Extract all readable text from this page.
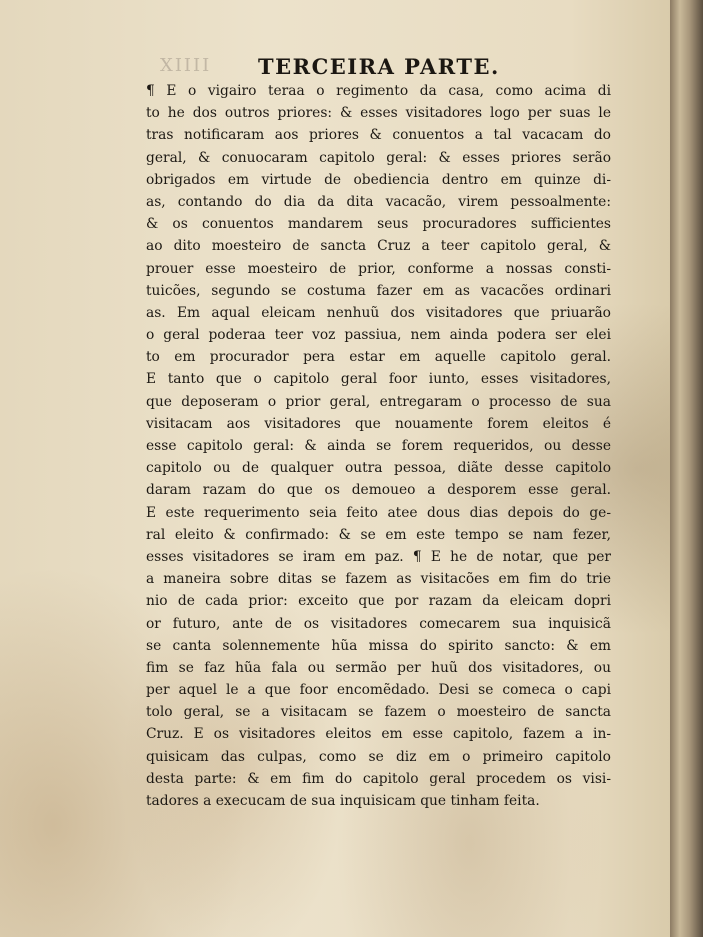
XIIII TERCEIRA PARTE.
¶ E o vigairo teraa o regimento da casa, como acima di
to he dos outros priores: & esses visitadores logo per suas le
tras notificaram aos priores & conuentos a tal vacacam do
geral, & conuocaram capitolo geral: & esses priores serão
obrigados em virtude de obediencia dentro em quinze di-
as, contando do dia da dita vacacão, virem pessoalmente:
& os conuentos mandarem seus procuradores sufficientes
ao dito moesteiro de sancta Cruz a teer capitolo geral, &
prouer esse moesteiro de prior, conforme a nossas consti-
tuicões, segundo se costuma fazer em as vacacões ordinari
as. Em aqual eleicam nenhuũ dos visitadores que priuarão
o geral poderaa teer voz passiua, nem ainda podera ser elei
to em procurador pera estar em aquelle capitolo geral.
E tanto que o capitolo geral foor iunto, esses visitadores,
que deposeram o prior geral, entregaram o processo de sua
visitacam aos visitadores que nouamente forem eleitos é
esse capitolo geral: & ainda se forem requeridos, ou desse
capitolo ou de qualquer outra pessoa, diãte desse capitolo
daram razam do que os demoueo a desporem esse geral.
E este requerimento seia feito atee dous dias depois do ge-
ral eleito & confirmado: & se em este tempo se nam fezer,
esses visitadores se iram em paz. ¶ E he de notar, que per
a maneira sobre ditas se fazem as visitacões em fim do trie
nio de cada prior: exceito que por razam da eleicam dopri
or futuro, ante de os visitadores comecarem sua inquisicã
se canta solennemente hũa missa do spirito sancto: & em
fim se faz hũa fala ou sermão per huũ dos visitadores, ou
per aquel le a que foor encomẽdado. Desi se comeca o capi
tolo geral, se a visitacam se fazem o moesteiro de sancta
Cruz. E os visitadores eleitos em esse capitolo, fazem a in-
quisicam das culpas, como se diz em o primeiro capitolo
desta parte: & em fim do capitolo geral procedem os visi-
tadores a execucam de sua inquisicam que tinham feita.
